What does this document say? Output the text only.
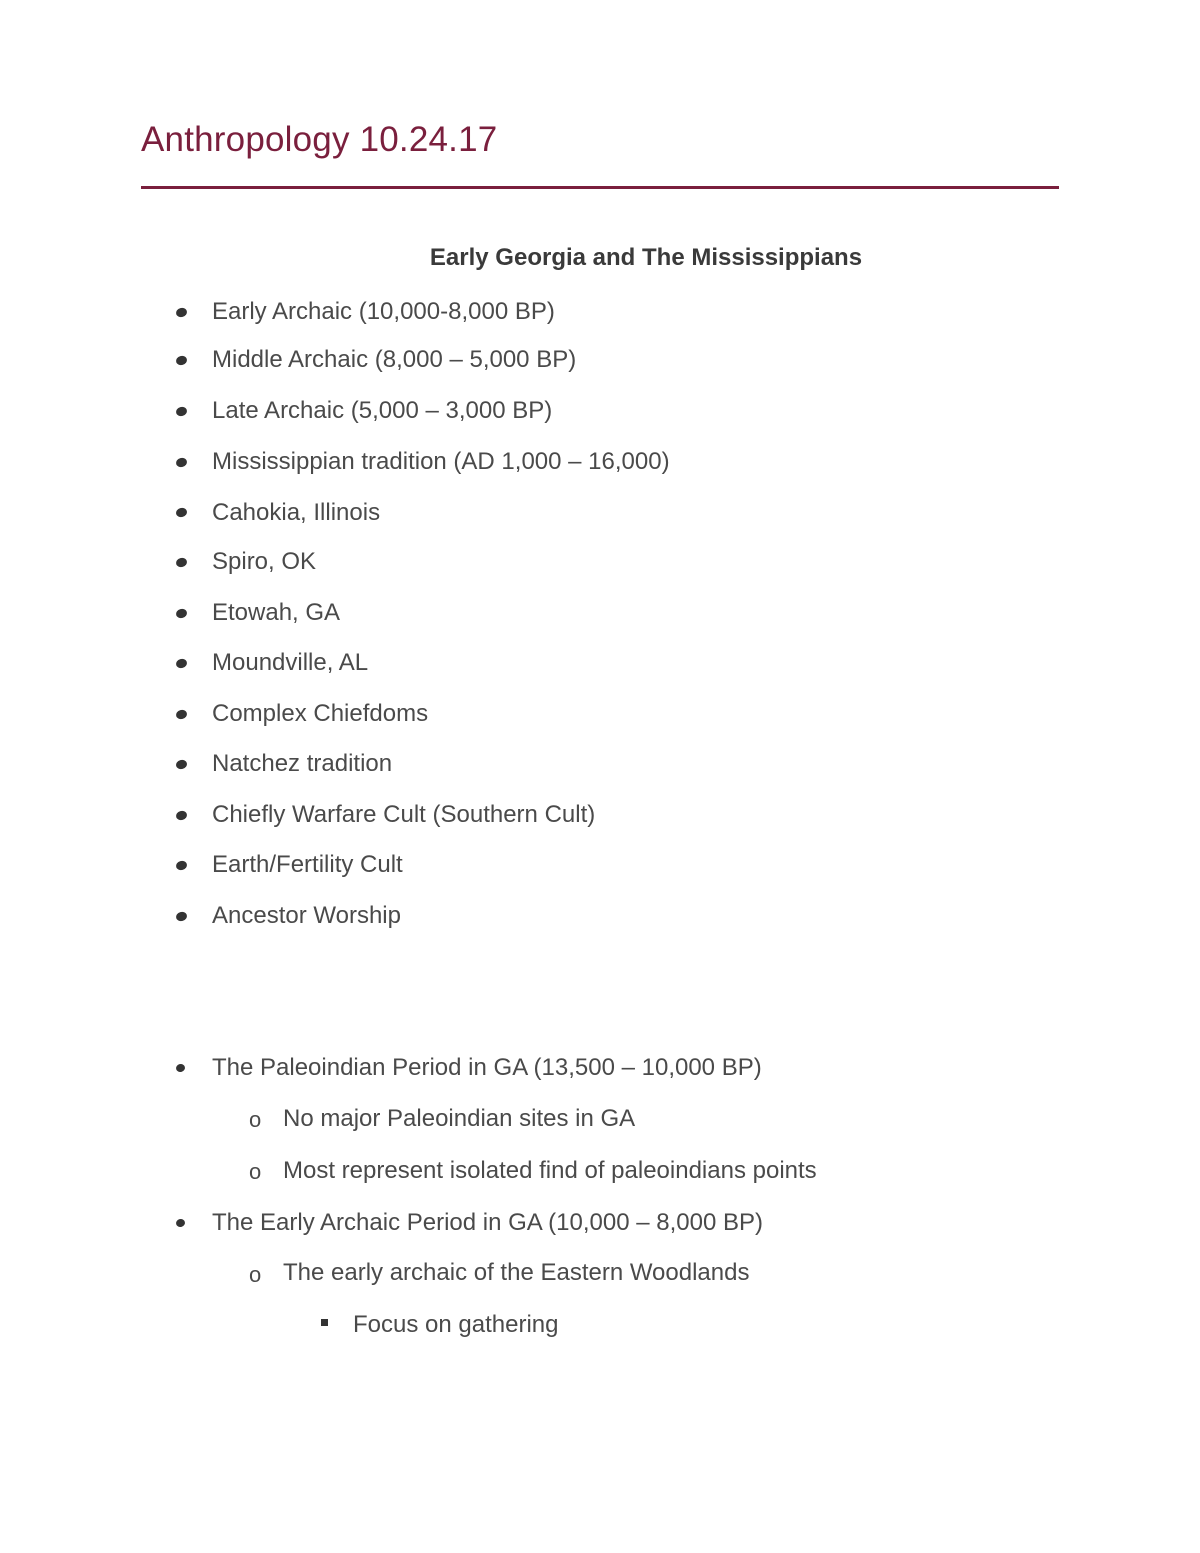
Anthropology 10.24.17
Early Georgia and The Mississippians
Early Archaic (10,000-8,000 BP)
Middle Archaic (8,000 – 5,000 BP)
Late Archaic (5,000 – 3,000 BP)
Mississippian tradition (AD 1,000 – 16,000)
Cahokia, Illinois
Spiro, OK
Etowah, GA
Moundville, AL
Complex Chiefdoms
Natchez tradition
Chiefly Warfare Cult (Southern Cult)
Earth/Fertility Cult
Ancestor Worship
The Paleoindian Period in GA (13,500 – 10,000 BP)
o No major Paleoindian sites in GA
o Most represent isolated find of paleoindians points
The Early Archaic Period in GA (10,000 – 8,000 BP)
o The early archaic of the Eastern Woodlands
Focus on gathering
